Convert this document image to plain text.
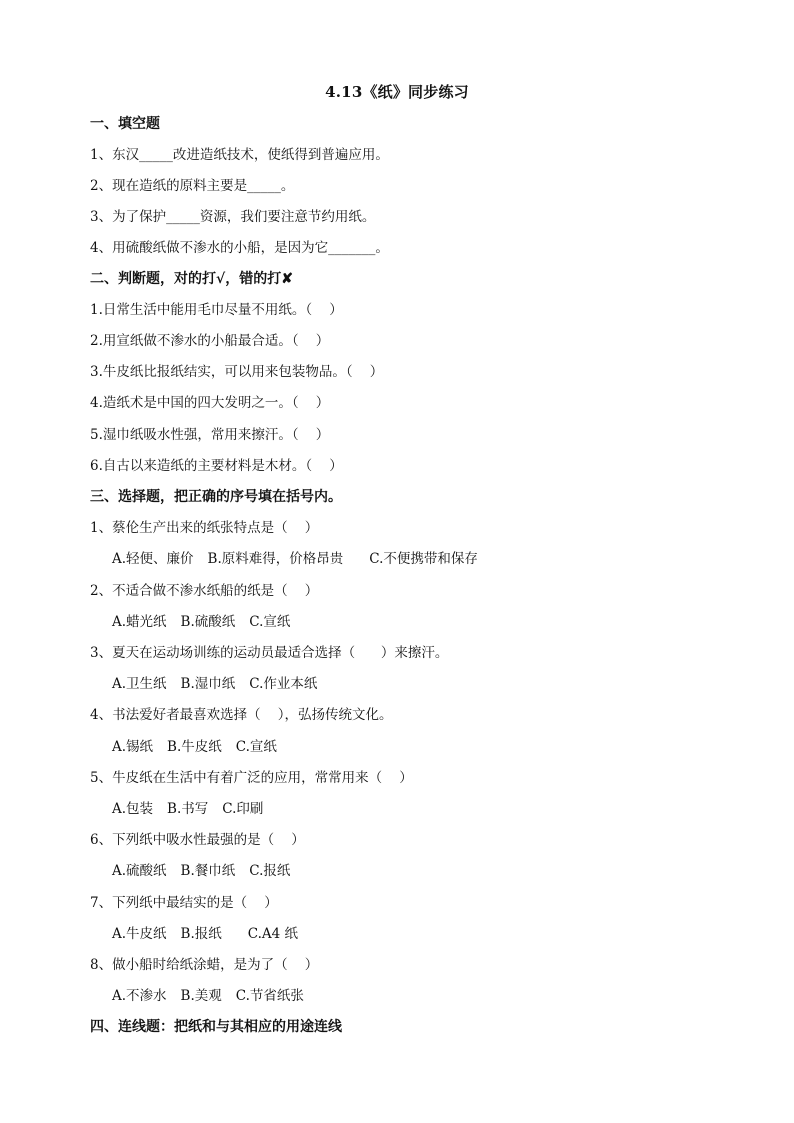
4.13《纸》同步练习
一、填空题
1、东汉_____改进造纸技术，使纸得到普遍应用。
2、现在造纸的原料主要是_____。
3、为了保护_____资源，我们要注意节约用纸。
4、用硫酸纸做不渗水的小船，是因为它_______。
二、判断题，对的打√，错的打✘
1.日常生活中能用毛巾尽量不用纸。（    ）
2.用宣纸做不渗水的小船最合适。（    ）
3.牛皮纸比报纸结实，可以用来包装物品。（    ）
4.造纸术是中国的四大发明之一。（    ）
5.湿巾纸吸水性强，常用来擦汗。（    ）
6.自古以来造纸的主要材料是木材。（    ）
三、选择题，把正确的序号填在括号内。
1、蔡伦生产出来的纸张特点是（    ）
A.轻便、廉价 B.原料难得，价格昂贵 C.不便携带和保存
2、不适合做不渗水纸船的纸是（    ）
A.蜡光纸 B.硫酸纸 C.宣纸
3、夏天在运动场训练的运动员最适合选择（      ）来擦汗。
A.卫生纸 B.湿巾纸 C.作业本纸
4、书法爱好者最喜欢选择（    ），弘扬传统文化。
A.锡纸 B.牛皮纸 C.宣纸
5、牛皮纸在生活中有着广泛的应用，常常用来（    ）
A.包装 B.书写 C.印刷
6、下列纸中吸水性最强的是（    ）
A.硫酸纸 B.餐巾纸 C.报纸
7、下列纸中最结实的是（    ）
A.牛皮纸 B.报纸 C.A4 纸
8、做小船时给纸涂蜡，是为了（    ）
A.不渗水 B.美观 C.节省纸张
四、连线题：把纸和与其相应的用途连线
